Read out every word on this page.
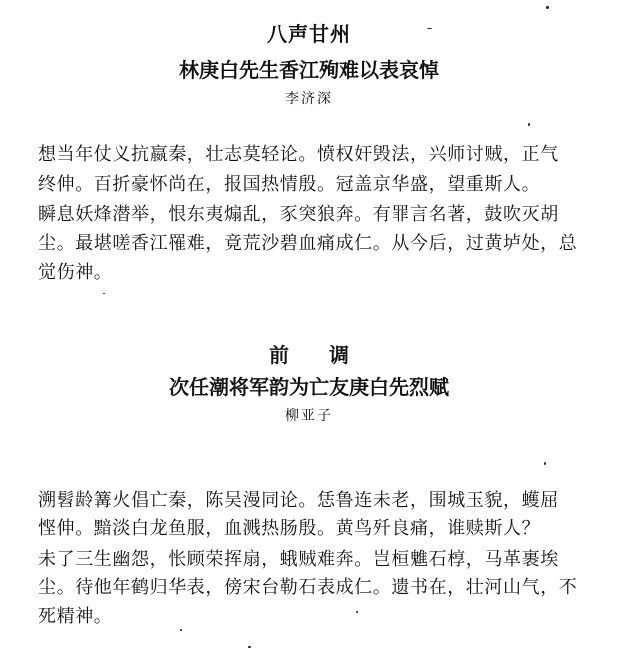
八声甘州
林庚白先生香江殉难以表哀悼
李济深
想当年仗义抗嬴秦，壮志莫轻论。愤权奸毁法，兴师讨贼，正气
终伸。百折豪怀尚在，报国热情殷。冠盖京华盛，望重斯人。
瞬息妖烽潜举，恨东夷煽乱，豕突狼奔。有罪言名著，鼓吹灭胡
尘。最堪嗟香江罹难，竟荒沙碧血痛成仁。从今后，过黄垆处，总
觉伤神。
前　　调
次任潮将军韵为亡友庚白先烈赋
柳亚子
溯髫龄篝火倡亡秦，陈吴漫同论。恁鲁连未老，围城玉貌，蠖屈
悭伸。黯淡白龙鱼服，血溅热肠殷。黄鸟歼良痛，谁赎斯人？
未了三生幽怨，怅顾荣挥扇，蛾贼难奔。岂桓魋石椁，马革裹埃
尘。待他年鹤归华表，傍宋台勒石表成仁。遗书在，壮河山气，不
死精神。
